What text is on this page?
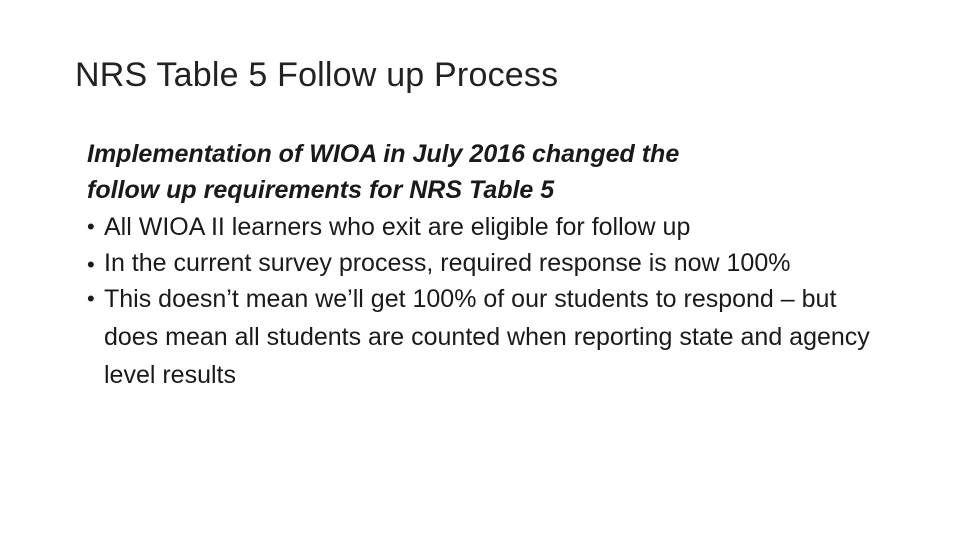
NRS Table 5 Follow up Process

Implementation of WIOA in July 2016 changed the
follow up requirements for NRS Table 5

• All WIOA II learners who exit are eligible for follow up
• In the current survey process, required response is now 100%
• This doesn’t mean we’ll get 100% of our students to respond – but does mean all students are counted when reporting state and agency level results
